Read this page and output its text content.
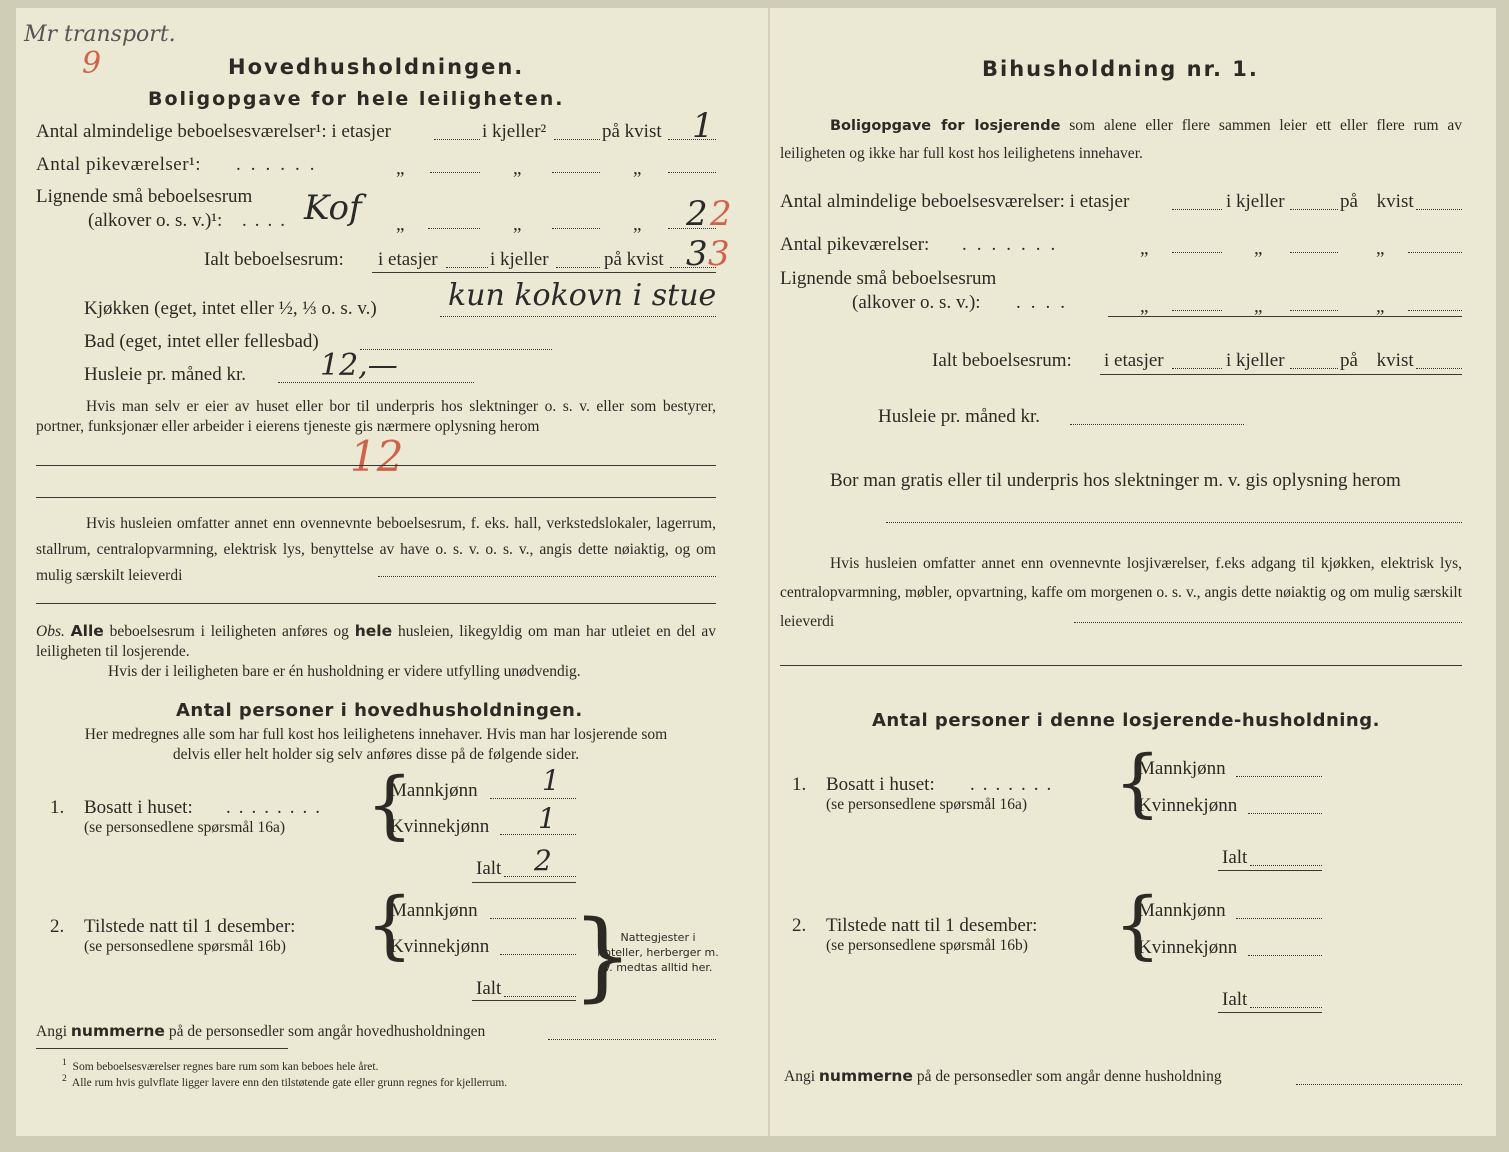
Mr transport.
9	Hovedhusholdningen.
Boligopgave for hele leiligheten.
Antal almindelige beboelsesværelser¹: i etasjer	i kjeller²	på kvist 1
Antal pikeværelser¹: ......	„	„	„
Lignende små beboelsesrum
(alkover o. s. v.)¹: .... Kof „	„	„ 2 2
Ialt beboelsesrum: i etasjer	i kjeller	på kvist 3 3
Kjøkken (eget, intet eller ½, ⅓ o. s. v.) kun kokovn i stue
Bad (eget, intet eller fellesbad)
Husleie pr. måned kr. 12,—
Hvis man selv er eier av huset eller bor til underpris hos slektninger o. s. v. eller som bestyrer, portner, funksjonær eller arbeider i eierens tjeneste gis nærmere oplysning herom
12
Hvis husleien omfatter annet enn ovennevnte beboelsesrum, f. eks. hall, verkstedslokaler, lagerrum, stallrum, centralopvarmning, elektrisk lys, benyttelse av have o. s. v. o. s. v., angis dette nøiaktig, og om mulig særskilt leieverdi
Obs. Alle beboelsesrum i leiligheten anføres og hele husleien, likegyldig om man har utleiet en del av leiligheten til losjerende.
Hvis der i leiligheten bare er én husholdning er videre utfylling unødvendig.
Antal personer i hovedhusholdningen.
Her medregnes alle som har full kost hos leilighetens innehaver. Hvis man har losjerende som delvis eller helt holder sig selv anføres disse på de følgende sider.
1. Bosatt i huset: ........
(se personsedlene spørsmål 16a) {
Mannkjønn 1
Kvinnekjønn 1
Ialt 2
2. Tilstede natt til 1 desember:
(se personsedlene spørsmål 16b) {
Mannkjønn
Kvinnekjønn
Ialt }
Nattegjester i hoteller, herberger m. v. medtas alltid her.
Angi nummerne på de personsedler som angår hovedhusholdningen
$^1$ Som beboelsesværelser regnes bare rum som kan beboes hele året.
$^2$ Alle rum hvis gulvflate ligger lavere enn den tilstøtende gate eller grunn regnes for kjellerrum.
Bihusholdning nr. 1.
Boligopgave for losjerende som alene eller flere sammen leier ett eller flere rum av leiligheten og ikke har full kost hos leilighetens innehaver.
Antal almindelige beboelsesværelser: i etasjer	i kjeller	på kvist
Antal pikeværelser: .......	„	„	„
Lignende små beboelsesrum
(alkover o. s. v.): ....	„	„	„
Ialt beboelsesrum: i etasjer	i kjeller	på kvist
Husleie pr. måned kr.
Bor man gratis eller til underpris hos slektninger m. v. gis oplysning herom
Hvis husleien omfatter annet enn ovennevnte losjiværelser, f.eks adgang til kjøkken, elektrisk lys, centralopvarmning, møbler, opvartning, kaffe om morgenen o. s. v., angis dette nøiaktig og om mulig særskilt leieverdi
Antal personer i denne losjerende-husholdning.
1. Bosatt i huset: .......
(se personsedlene spørsmål 16a) {
Mannkjønn
Kvinnekjønn
Ialt
2. Tilstede natt til 1 desember:
(se personsedlene spørsmål 16b) {
Mannkjønn
Kvinnekjønn
Ialt
Angi nummerne på de personsedler som angår denne husholdning
